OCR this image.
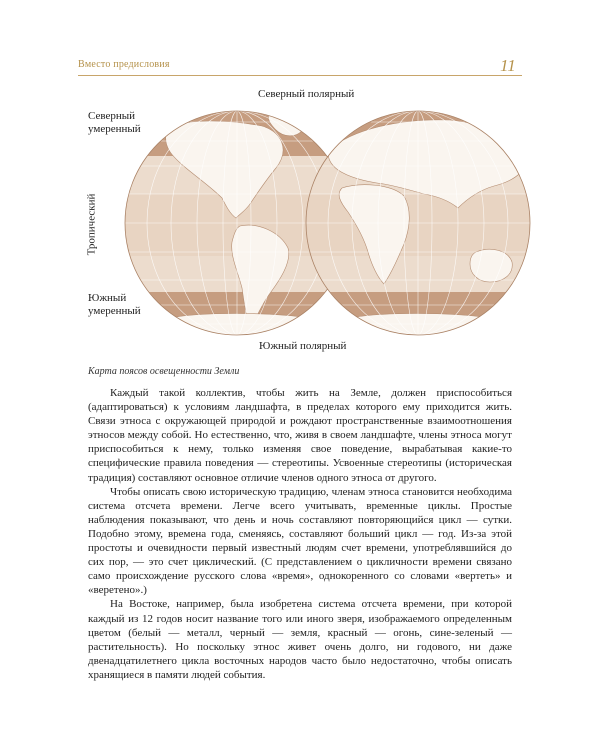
Вместо предисловия	11
Северный полярный
Северный
умеренный
Тропический
Южный
умеренный
Южный полярный
Карта поясов освещенности Земли

Каждый такой коллектив, чтобы жить на Земле, должен приспособиться (адаптироваться) к условиям ландшафта, в пределах которого ему приходится жить. Связи этноса с окружающей природой и рождают пространственные взаимоотношения этносов между собой. Но естественно, что, живя в своем ландшафте, члены этноса могут приспособиться к нему, только изменяя свое поведение, вырабатывая какие-то специфические правила поведения — стереотипы. Усвоенные стереотипы (историческая традиция) составляют основное отличие членов одного этноса от другого.

Чтобы описать свою историческую традицию, членам этноса становится необходима система отсчета времени. Легче всего учитывать, временные циклы. Простые наблюдения показывают, что день и ночь составляют повторяющийся цикл — сутки. Подобно этому, времена года, сменяясь, составляют больший цикл — год. Из-за этой простоты и очевидности первый известный людям счет времени, употреблявшийся до сих пор, — это счет циклический. (С представлением о цикличности времени связано само происхождение русского слова «время», однокоренного со словами «вертеть» и «веретено».)

На Востоке, например, была изобретена система отсчета времени, при которой каждый из 12 годов носит название того или иного зверя, изображаемого определенным цветом (белый — металл, черный — земля, красный — огонь, сине-зеленый — растительность). Но поскольку этнос живет очень долго, ни годового, ни даже двенадцатилетнего цикла восточных народов часто было недостаточно, чтобы описать хранящиеся в памяти людей события.
